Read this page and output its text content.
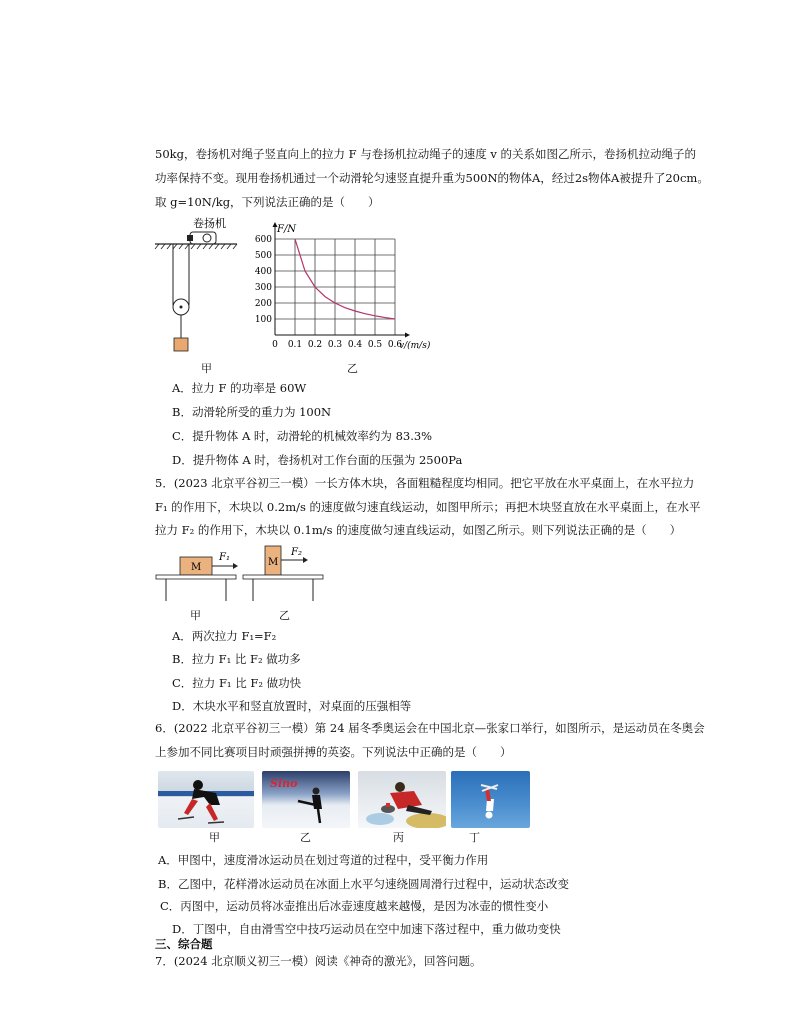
50kg，卷扬机对绳子竖直向上的拉力 F 与卷扬机拉动绳子的速度 v 的关系如图乙所示，卷扬机拉动绳子的
功率保持不变。现用卷扬机通过一个动滑轮匀速竖直提升重为500N的物体A，经过2s物体A被提升了20cm。
取 g=10N/kg，下列说法正确的是（　　）
卷扬机
甲
0 0.1 0.2 0.3 0.4 0.5 0.6
100
200
300
400
500
600
F/N
v/(m/s)
乙
A．拉力 F 的功率是 60W
B．动滑轮所受的重力为 100N
C．提升物体 A 时，动滑轮的机械效率约为 83.3%
D．提升物体 A 时，卷扬机对工作台面的压强为 2500Pa
5．(2023 北京平谷初三一模）一长方体木块，各面粗糙程度均相同。把它平放在水平桌面上，在水平拉力
F₁ 的作用下，木块以 0.2m/s 的速度做匀速直线运动，如图甲所示；再把木块竖直放在水平桌面上，在水平
拉力 F₂ 的作用下，木块以 0.1m/s 的速度做匀速直线运动，如图乙所示。则下列说法正确的是（　　）
M
F₁
甲
M
F₂
乙
A．两次拉力 F₁=F₂
B．拉力 F₁ 比 F₂ 做功多
C．拉力 F₁ 比 F₂ 做功快
D．木块水平和竖直放置时，对桌面的压强相等
6．(2022 北京平谷初三一模）第 24 届冬季奥运会在中国北京—张家口举行，如图所示，是运动员在冬奥会
上参加不同比赛项目时顽强拼搏的英姿。下列说法中正确的是（　　）
Sino
甲	乙	丙	丁
A．甲图中，速度滑冰运动员在划过弯道的过程中，受平衡力作用
B．乙图中，花样滑冰运动员在冰面上水平匀速绕圆周滑行过程中，运动状态改变
C．丙图中，运动员将冰壶推出后冰壶速度越来越慢，是因为冰壶的惯性变小
D．丁图中，自由滑雪空中技巧运动员在空中加速下落过程中，重力做功变快
三、综合题
7．(2024 北京顺义初三一模）阅读《神奇的激光》，回答问题。
